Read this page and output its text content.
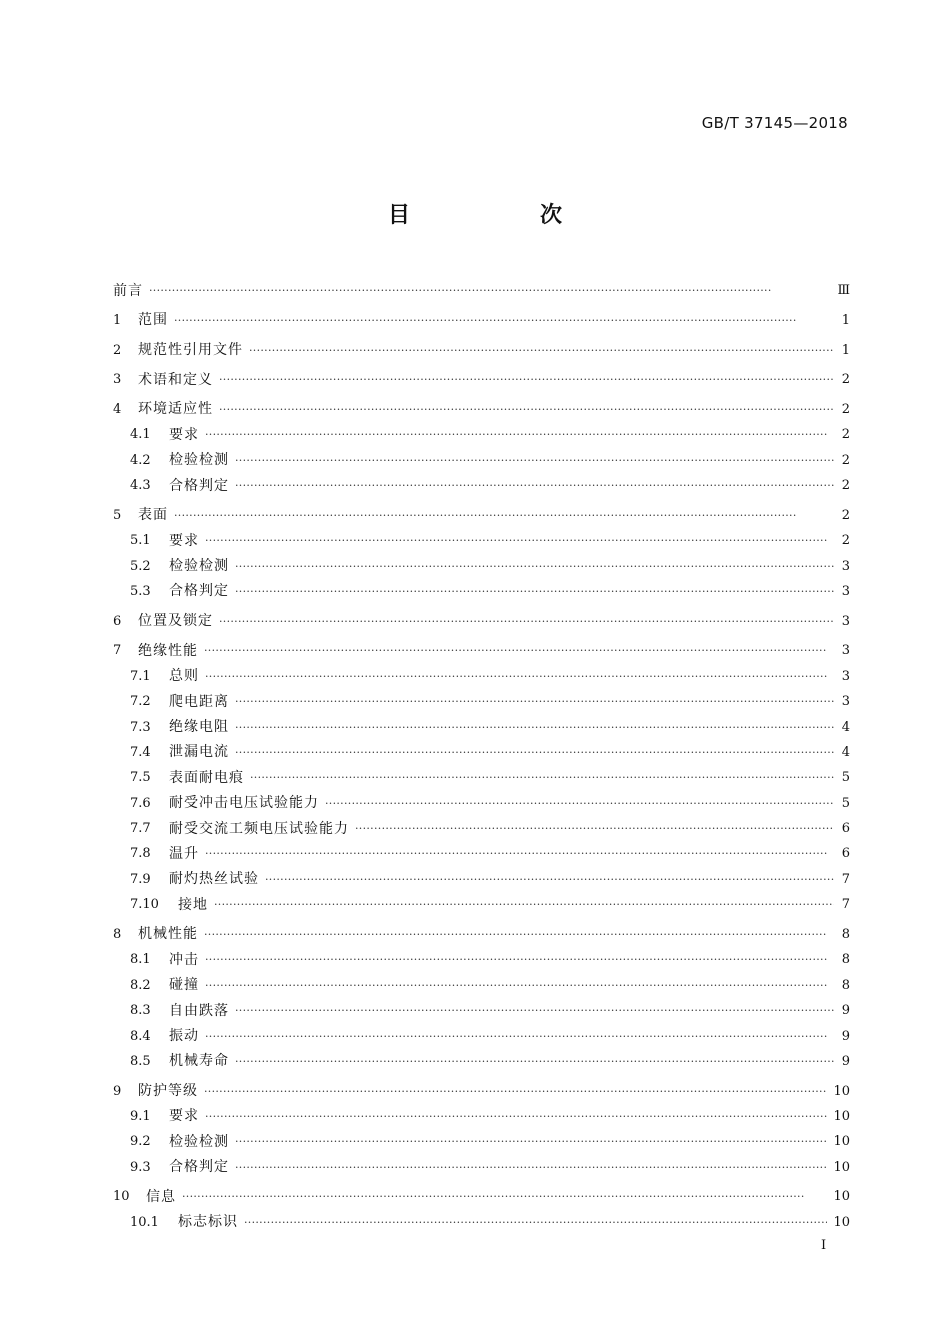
GB/T 37145—2018
目　次
前言 ·····	Ⅲ
1	范围 ·····	1
2	规范性引用文件 ·····	1
3	术语和定义 ·····	2
4	环境适应性 ·····	2
4.1	要求 ·····	2
4.2	检验检测 ·····	2
4.3	合格判定 ·····	2
5	表面 ·····	2
5.1	要求 ·····	2
5.2	检验检测 ·····	3
5.3	合格判定 ·····	3
6	位置及锁定 ·····	3
7	绝缘性能 ·····	3
7.1	总则 ·····	3
7.2	爬电距离 ·····	3
7.3	绝缘电阻 ·····	4
7.4	泄漏电流 ·····	4
7.5	表面耐电痕 ·····	5
7.6	耐受冲击电压试验能力 ·····	5
7.7	耐受交流工频电压试验能力 ·····	6
7.8	温升 ·····	6
7.9	耐灼热丝试验 ·····	7
7.10	接地 ·····	7
8	机械性能 ·····	8
8.1	冲击 ·····	8
8.2	碰撞 ·····	8
8.3	自由跌落 ·····	9
8.4	振动 ·····	9
8.5	机械寿命 ·····	9
9	防护等级 ·····	10
9.1	要求 ·····	10
9.2	检验检测 ·····	10
9.3	合格判定 ·····	10
10	信息 ·····	10
10.1	标志标识 ·····	10
I
